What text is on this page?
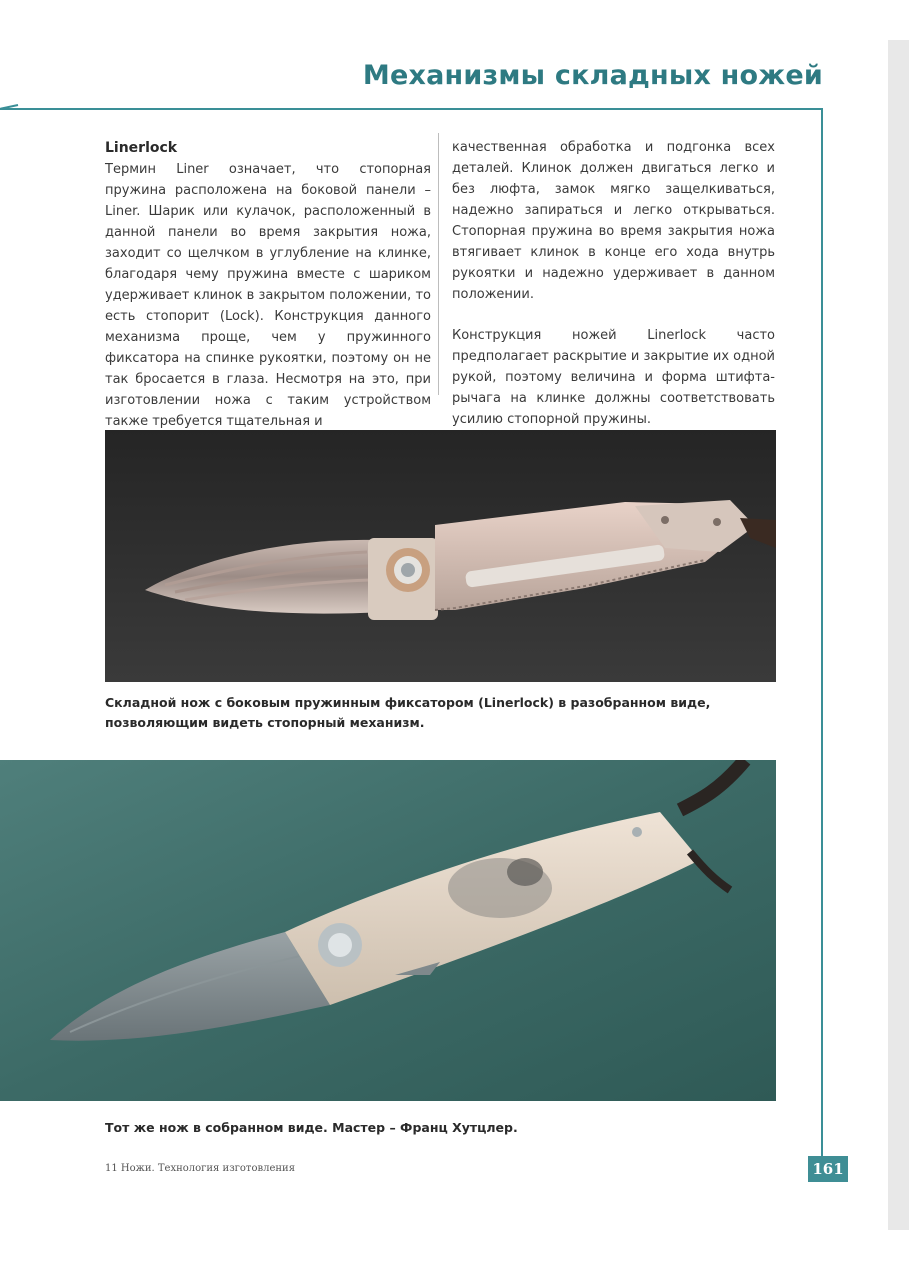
Механизмы складных ножей
Linerlock

Термин Liner означает, что стопорная пружина расположена на боковой панели – Liner. Шарик или кулачок, расположенный в данной панели во время закрытия ножа, заходит со щелчком в углубление на клинке, благодаря чему пружина вместе с шариком удерживает клинок в закрытом положении, то есть стопорит (Lock). Конструкция данного механизма проще, чем у пружинного фиксатора на спинке рукоятки, поэтому он не так бросается в глаза. Несмотря на это, при изготовлении ножа с таким устройством также требуется тщательная и

качественная обработка и подгонка всех деталей. Клинок должен двигаться легко и без люфта, замок мягко защелкиваться, надежно запираться и легко открываться. Стопорная пружина во время закрытия ножа втягивает клинок в конце его хода внутрь рукоятки и надежно удерживает в данном положении.

Конструкция ножей Linerlock часто предполагает раскрытие и закрытие их одной рукой, поэтому величина и форма штифта-рычага на клинке должны соответствовать усилию стопорной пружины.

Складной нож с боковым пружинным фиксатором (Linerlock) в разобранном виде, позволяющим видеть стопорный механизм.
Тот же нож в собранном виде. Мастер – Франц Хутцлер.
11 Ножи. Технология изготовления	161
